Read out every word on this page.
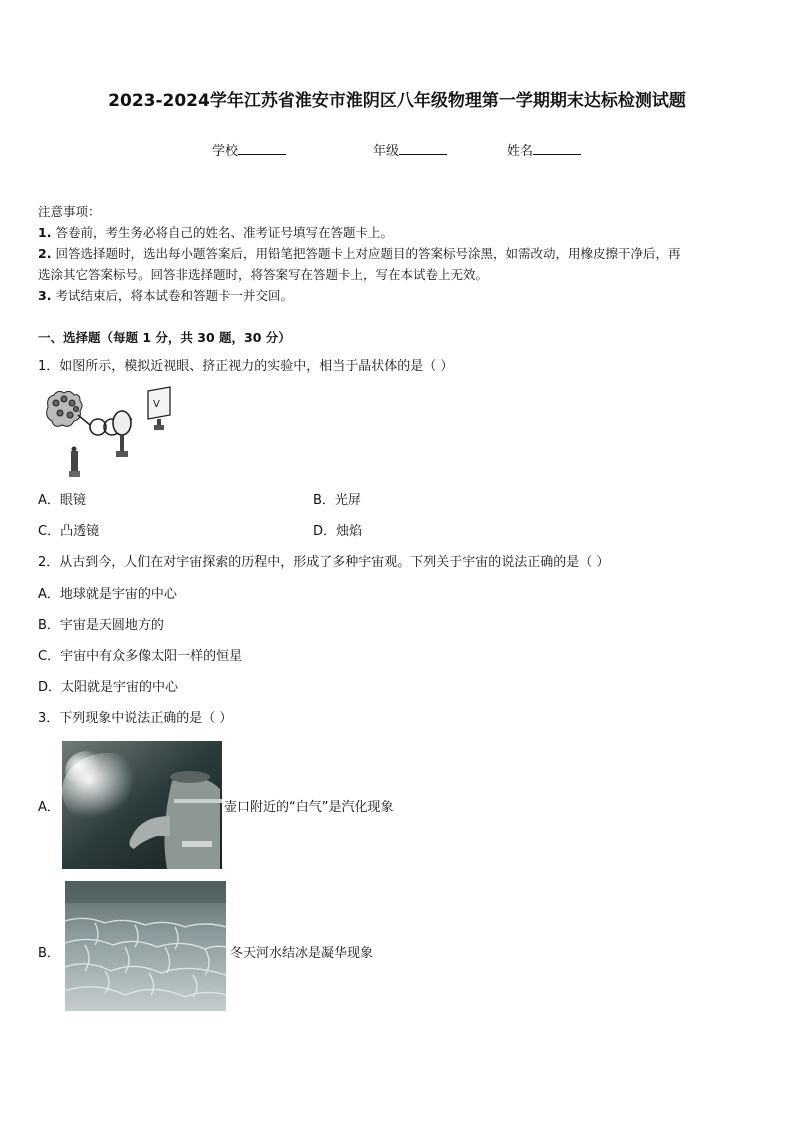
2023-2024学年江苏省淮安市淮阴区八年级物理第一学期期末达标检测试题
学校	年级	姓名
注意事项：
1. 答卷前，考生务必将自己的姓名、准考证号填写在答题卡上。
2. 回答选择题时，选出每小题答案后，用铅笔把答题卡上对应题目的答案标号涂黑，如需改动，用橡皮擦干净后，再
选涂其它答案标号。回答非选择题时，将答案写在答题卡上，写在本试卷上无效。
3. 考试结束后，将本试卷和答题卡一并交回。
一、选择题（每题 1 分，共 30 题，30 分）
1．如图所示，模拟近视眼、挤正视力的实验中，相当于晶状体的是（ ）
V
A．眼镜	B．光屏
C．凸透镜	D．烛焰
2．从古到今，人们在对宇宙探索的历程中，形成了多种宇宙观。下列关于宇宙的说法正确的是（ ）
A．地球就是宇宙的中心
B．宇宙是天圆地方的
C．宇宙中有众多像太阳一样的恒星
D．太阳就是宇宙的中心
3．下列现象中说法正确的是（ ）
A．	壶口附近的“白气”是汽化现象
B．	冬天河水结冰是凝华现象
